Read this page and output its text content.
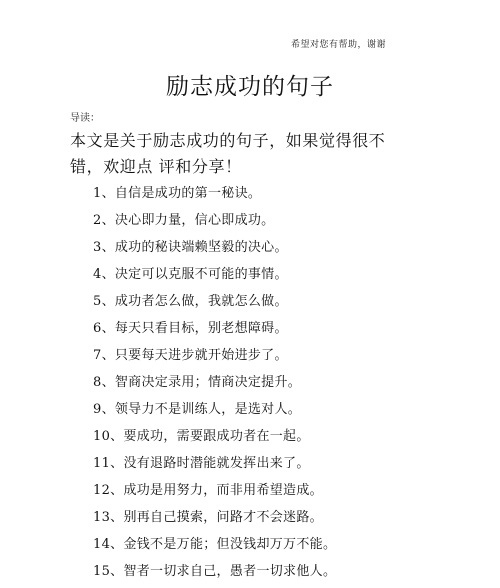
希望对您有帮助，谢谢
励志成功的句子
导读：
本文是关于励志成功的句子，如果觉得很不错，欢迎点 评和分享！
1、自信是成功的第一秘诀。
2、决心即力量，信心即成功。
3、成功的秘诀端赖坚毅的决心。
4、决定可以克服不可能的事情。
5、成功者怎么做，我就怎么做。
6、每天只看目标，别老想障碍。
7、只要每天进步就开始进步了。
8、智商决定录用；情商决定提升。
9、领导力不是训练人，是选对人。
10、要成功，需要跟成功者在一起。
11、没有退路时潜能就发挥出来了。
12、成功是用努力，而非用希望造成。
13、别再自己摸索，问路才不会迷路。
14、金钱不是万能；但没钱却万万不能。
15、智者一切求自己，愚者一切求他人。
